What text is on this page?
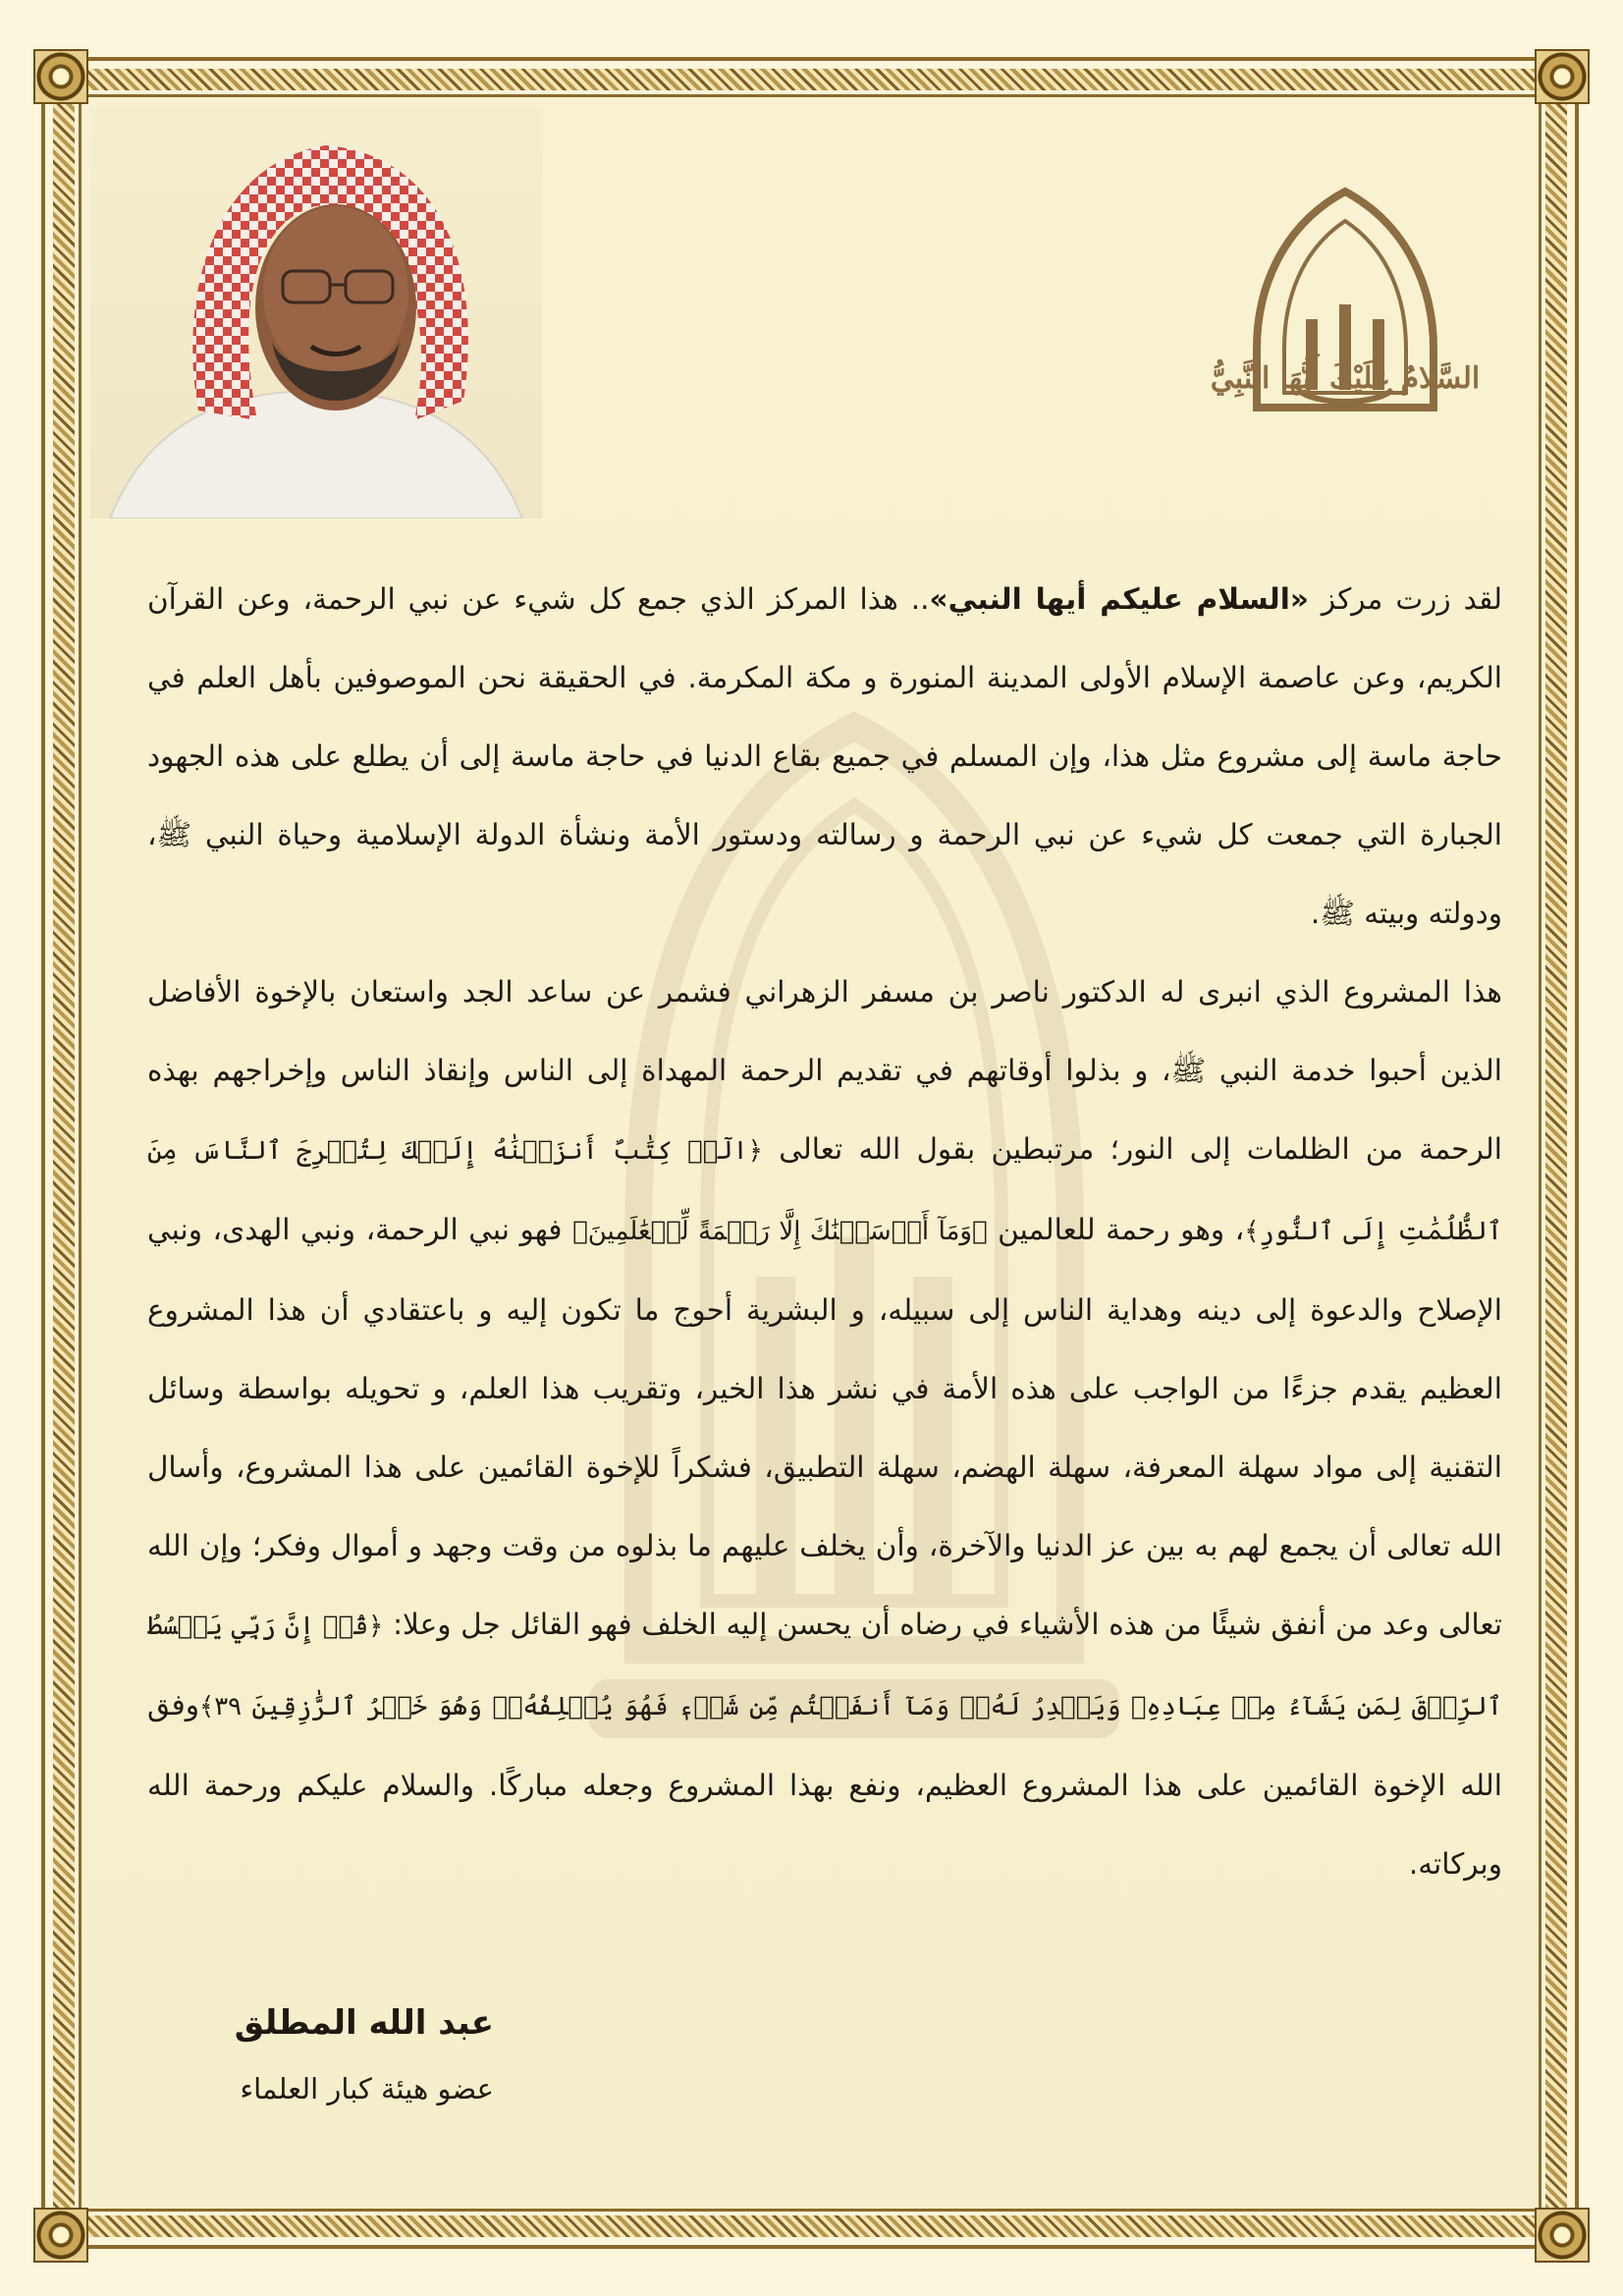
السَّلامُ عَلَيْكَ أَيُّهَا النَّبِيُّ

لقد زرت مركز «السلام عليكم أيها النبي».. هذا المركز الذي جمع كل شيء عن نبي الرحمة، وعن القرآن الكريم، وعن عاصمة الإسلام الأولى المدينة المنورة و مكة المكرمة. في الحقيقة نحن الموصوفين بأهل العلم في حاجة ماسة إلى مشروع مثل هذا، وإن المسلم في جميع بقاع الدنيا في حاجة ماسة إلى أن يطلع على هذه الجهود الجبارة التي جمعت كل شيء عن نبي الرحمة و رسالته ودستور الأمة ونشأة الدولة الإسلامية وحياة النبي ﷺ، ودولته وبيته ﷺ.

هذا المشروع الذي انبرى له الدكتور ناصر بن مسفر الزهراني فشمر عن ساعد الجد واستعان بالإخوة الأفاضل الذين أحبوا خدمة النبي ﷺ، و بذلوا أوقاتهم في تقديم الرحمة المهداة إلى الناس وإنقاذ الناس وإخراجهم بهذه الرحمة من الظلمات إلى النور؛ مرتبطين بقول الله تعالى ﴿الٓرۚ كِتَٰبٌ أَنزَلۡنَٰهُ إِلَيۡكَ لِتُخۡرِجَ ٱلنَّاسَ مِنَ ٱلظُّلُمَٰتِ إِلَى ٱلنُّورِ﴾، وهو رحمة للعالمين ﴿وَمَآ أَرۡسَلۡنَٰكَ إِلَّا رَحۡمَةً لِّلۡعَٰلَمِينَ﴾ فهو نبي الرحمة، ونبي الهدى، ونبي الإصلاح والدعوة إلى دينه وهداية الناس إلى سبيله، و البشرية أحوج ما تكون إليه و باعتقادي أن هذا المشروع العظيم يقدم جزءًا من الواجب على هذه الأمة في نشر هذا الخير، وتقريب هذا العلم، و تحويله بواسطة وسائل التقنية إلى مواد سهلة المعرفة، سهلة الهضم، سهلة التطبيق، فشكراً للإخوة القائمين على هذا المشروع، وأسال الله تعالى أن يجمع لهم به بين عز الدنيا والآخرة، وأن يخلف عليهم ما بذلوه من وقت وجهد و أموال وفكر؛ وإن الله تعالى وعد من أنفق شيئًا من هذه الأشياء في رضاه أن يحسن إليه الخلف فهو القائل جل وعلا: ﴿قُلۡ إِنَّ رَبِّي يَبۡسُطُ ٱلرِّزۡقَ لِمَن يَشَآءُ مِنۡ عِبَادِهِۦ وَيَقۡدِرُ لَهُۥۚ وَمَآ أَنفَقۡتُم مِّن شَيۡءٖ فَهُوَ يُخۡلِفُهُۥۖ وَهُوَ خَيۡرُ ٱلرَّٰزِقِينَ ٣٩﴾وفق الله الإخوة القائمين على هذا المشروع العظيم، ونفع بهذا المشروع وجعله مباركًا. والسلام عليكم ورحمة الله وبركاته.

عبد الله المطلق
عضو هيئة كبار العلماء
